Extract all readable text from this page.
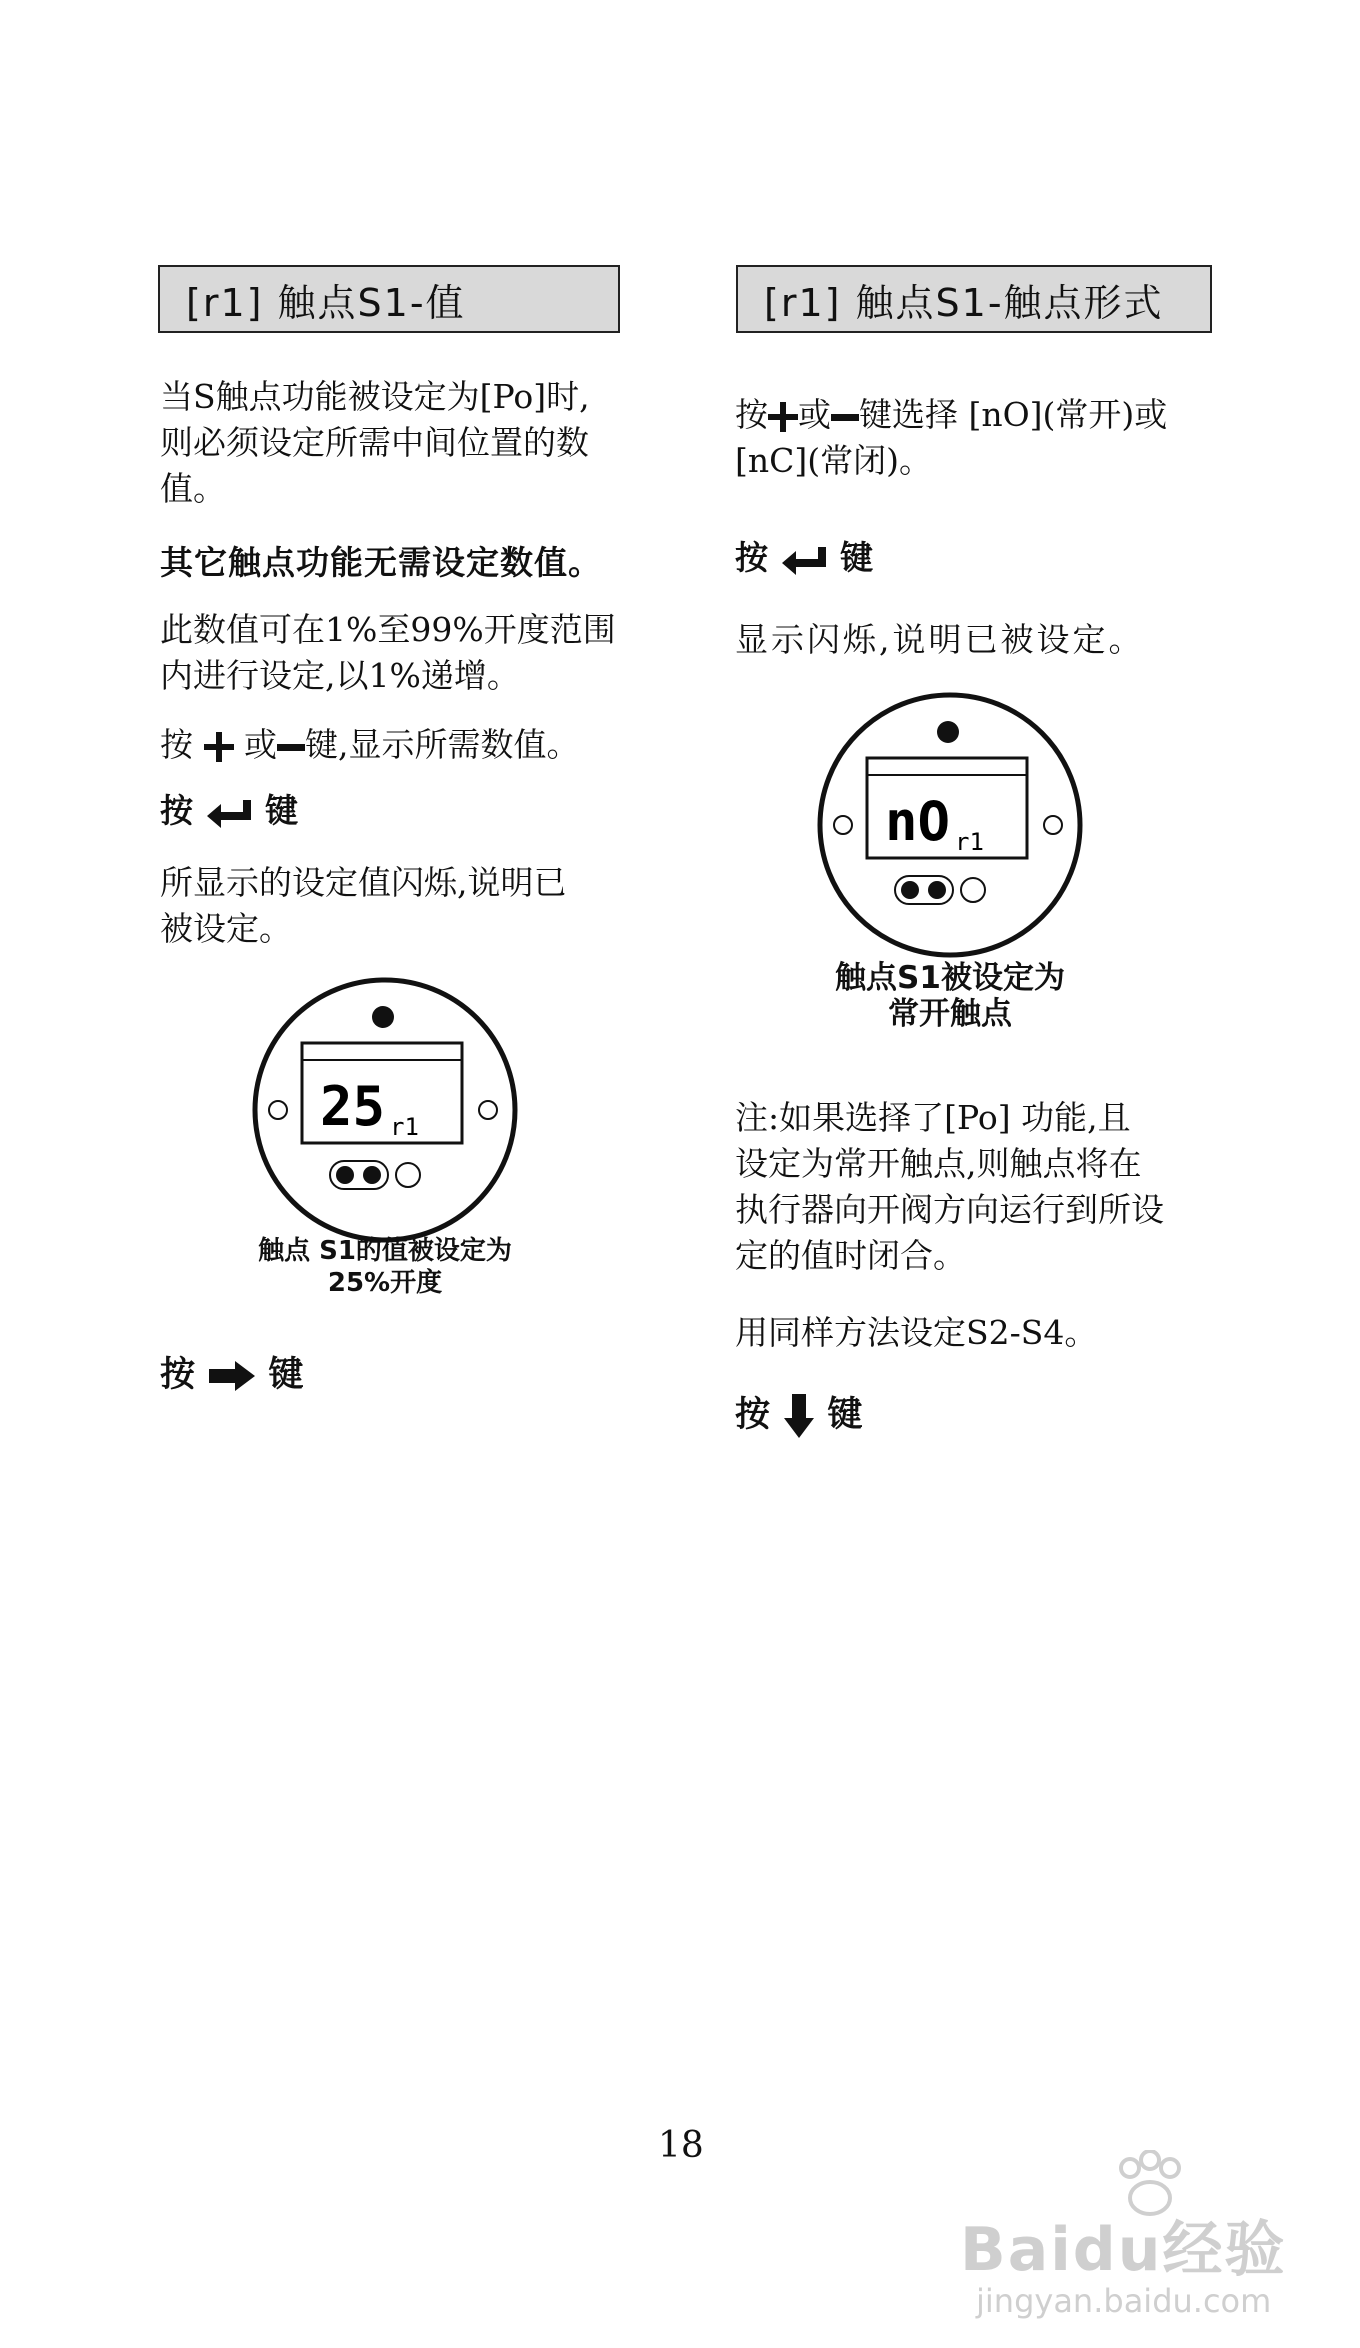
[r1] 触点S1-值
当S触点功能被设定为[Po]时,
则必须设定所需中间位置的数
值。
其它触点功能无需设定数值。
此数值可在1%至99%开度范围
内进行设定,以1%递增。
按 或 键,显示所需数值。
按 键
所显示的设定值闪烁,说明已
被设定。
25 r1
触点 S1的值被设定为
25%开度
按 键
[r1] 触点S1-触点形式
按 或 键选择 [nO](常开)或
[nC](常闭)。
按 键
显示闪烁,说明已被设定。
nO r1
触点S1被设定为
常开触点
注:如果选择了[Po] 功能,且
设定为常开触点,则触点将在
执行器向开阀方向运行到所设
定的值时闭合。
用同样方法设定S2-S4。
按 键
18
Baidu经验
jingyan.baidu.com
